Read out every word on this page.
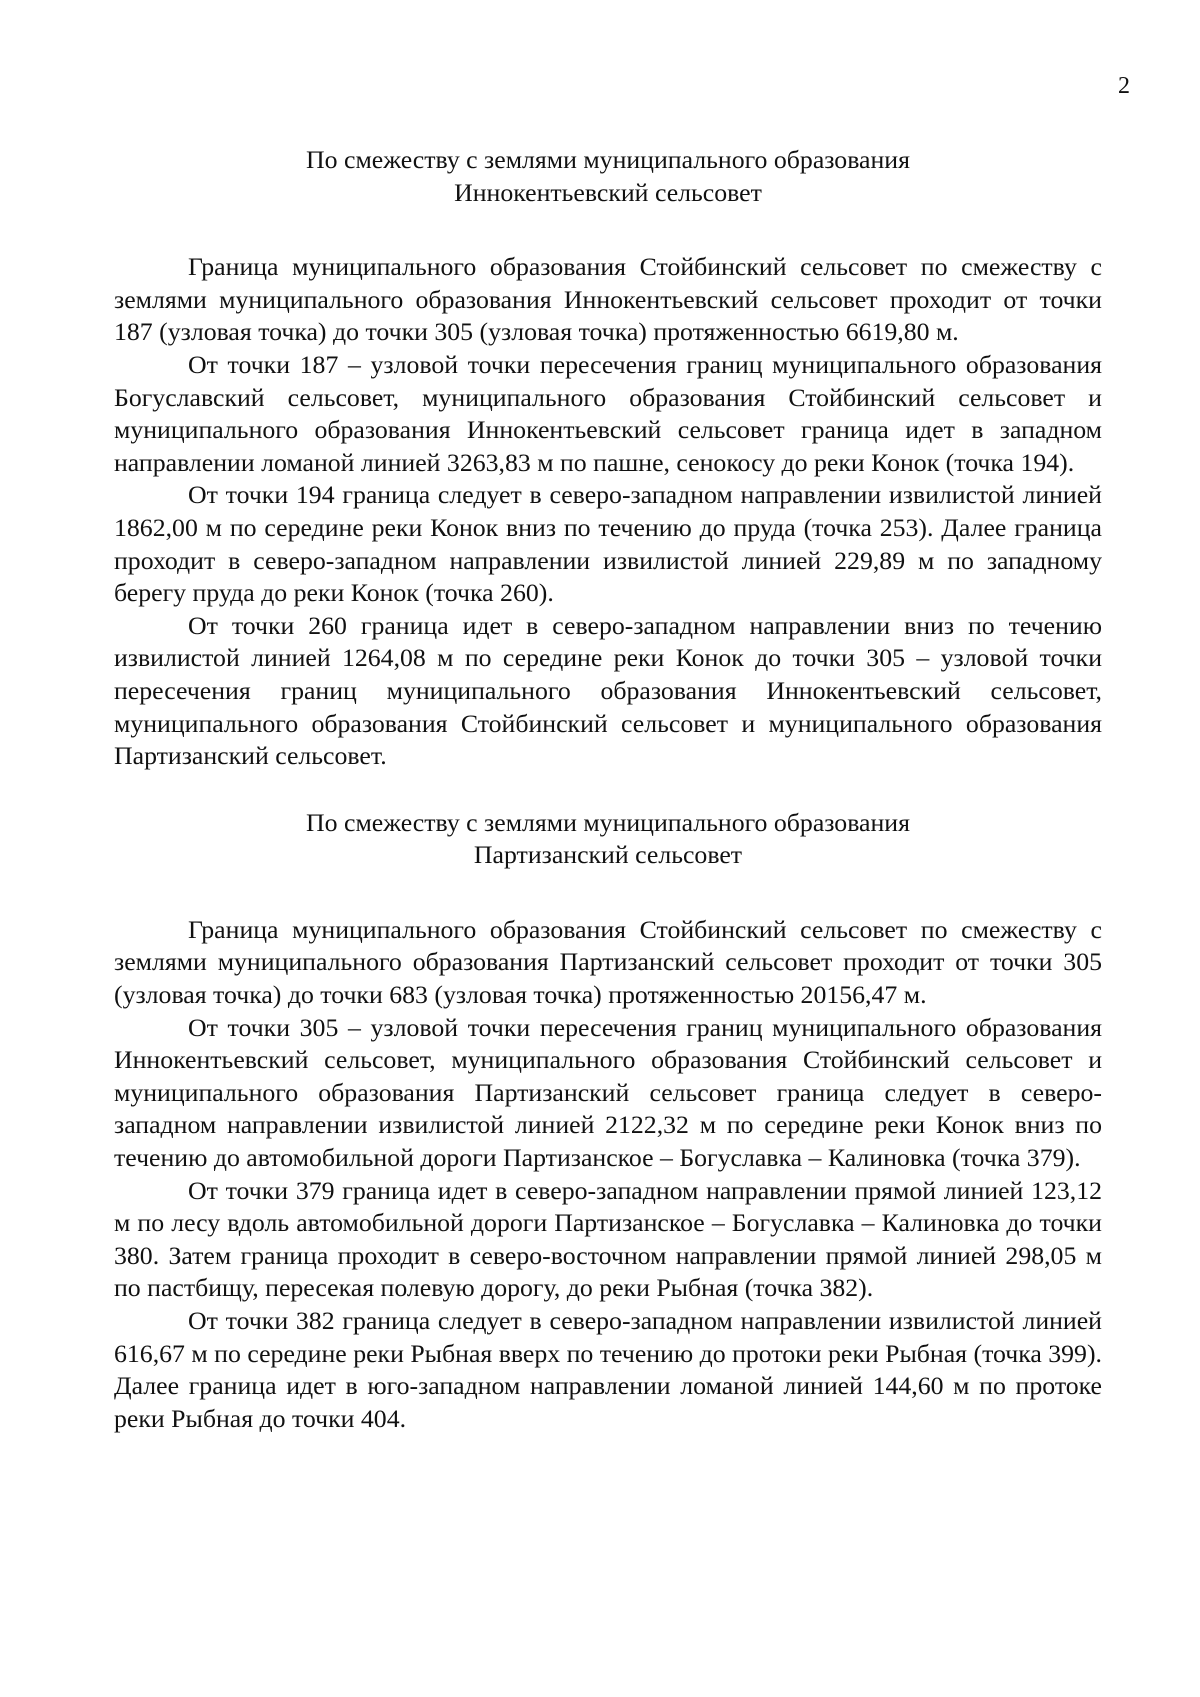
2
По смежеству с землями муниципального образования
Иннокентьевский сельсовет

Граница муниципального образования Стойбинский сельсовет по смежеству с землями муниципального образования Иннокентьевский сельсовет проходит от точки 187 (узловая точка) до точки 305 (узловая точка) протяженностью 6619,80 м.

От точки 187 – узловой точки пересечения границ муниципального образования Богуславский сельсовет, муниципального образования Стойбинский сельсовет и муниципального образования Иннокентьевский сельсовет граница идет в западном направлении ломаной линией 3263,83 м по пашне, сенокосу до реки Конок (точка 194).

От точки 194 граница следует в северо-западном направлении извилистой линией 1862,00 м по середине реки Конок вниз по течению до пруда (точка 253). Далее граница проходит в северо-западном направлении извилистой линией 229,89 м по западному берегу пруда до реки Конок (точка 260).

От точки 260 граница идет в северо-западном направлении вниз по течению извилистой линией 1264,08 м по середине реки Конок до точки 305 – узловой точки пересечения границ муниципального образования Иннокентьевский сельсовет, муниципального образования Стойбинский сельсовет и муниципального образования Партизанский сельсовет.

По смежеству с землями муниципального образования
Партизанский сельсовет

Граница муниципального образования Стойбинский сельсовет по смежеству с землями муниципального образования Партизанский сельсовет проходит от точки 305 (узловая точка) до точки 683 (узловая точка) протяженностью 20156,47 м.

От точки 305 – узловой точки пересечения границ муниципального образования Иннокентьевский сельсовет, муниципального образования Стойбинский сельсовет и муниципального образования Партизанский сельсовет граница следует в северо-западном направлении извилистой линией 2122,32 м по середине реки Конок вниз по течению до автомобильной дороги Партизанское – Богуславка – Калиновка (точка 379).

От точки 379 граница идет в северо-западном направлении прямой линией 123,12 м по лесу вдоль автомобильной дороги Партизанское – Богуславка – Калиновка до точки 380. Затем граница проходит в северо-восточном направлении прямой линией 298,05 м по пастбищу, пересекая полевую дорогу, до реки Рыбная (точка 382).

От точки 382 граница следует в северо-западном направлении извилистой линией 616,67 м по середине реки Рыбная вверх по течению до протоки реки Рыбная (точка 399). Далее граница идет в юго-западном направлении ломаной линией 144,60 м по протоке реки Рыбная до точки 404.
